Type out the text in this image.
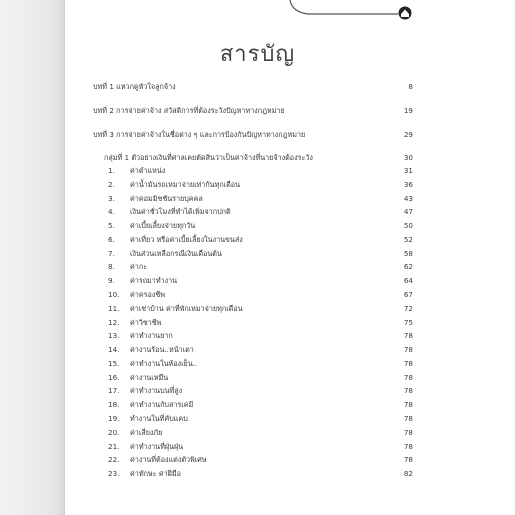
สารบัญ
บทที่ 1 แหวกดูหัวใจลูกจ้าง	8
บทที่ 2 การจ่ายค่าจ้าง สวัสดิการที่ต้องระวังปัญหาทางกฎหมาย	19
บทที่ 3 การจ่ายค่าจ้างในชื่อต่าง ๆ และการป้องกันปัญหาทางกฎหมาย	29
กลุ่มที่ 1 ตัวอย่างเงินที่ศาลเคยตัดสินว่าเป็นค่าจ้างที่นายจ้างต้องระวัง	30
1. ค่าตำแหน่ง	31
2. ค่าน้ำมันรถเหมาจ่ายเท่ากันทุกเดือน	36
3. ค่าคอมมิชชันรายบุคคล	43
4. เงินค่าชั่วโมงที่ทำได้เพิ่มจากปกติ	47
5. ค่าเบี้ยเลี้ยงจ่ายทุกวัน	50
6. ค่าเที่ยว หรือค่าเบี้ยเลี้ยงในงานขนส่ง	52
7. เงินส่วนเหลือกรณีเงินเดือนต้น	58
8. ค่ากะ	62
9. ค่ารถมาทำงาน	64
10. ค่าครองชีพ	67
11. ค่าเช่าบ้าน ค่าที่พักเหมาจ่ายทุกเดือน	72
12. ค่าวิชาชีพ	75
13. ค่าทำงานยาก	78
14. ค่างานร้อน..หน้าเตา	78
15. ค่าทำงานในห้องเย็น..	78
16. ค่างานเหมืน	78
17. ค่าทำงานบนที่สูง	78
18. ค่าทำงานกับสารเคมี	78
19. ทำงานในที่คับแคบ	78
20. ค่าเสี่ยงภัย	78
21. ค่าทำงานที่ฝุ่นฝุ่น	78
22. ค่างานที่ต้องแต่งตัวพิเศษ	78
23. ค่าทักษะ ค่าฝีมือ	82
